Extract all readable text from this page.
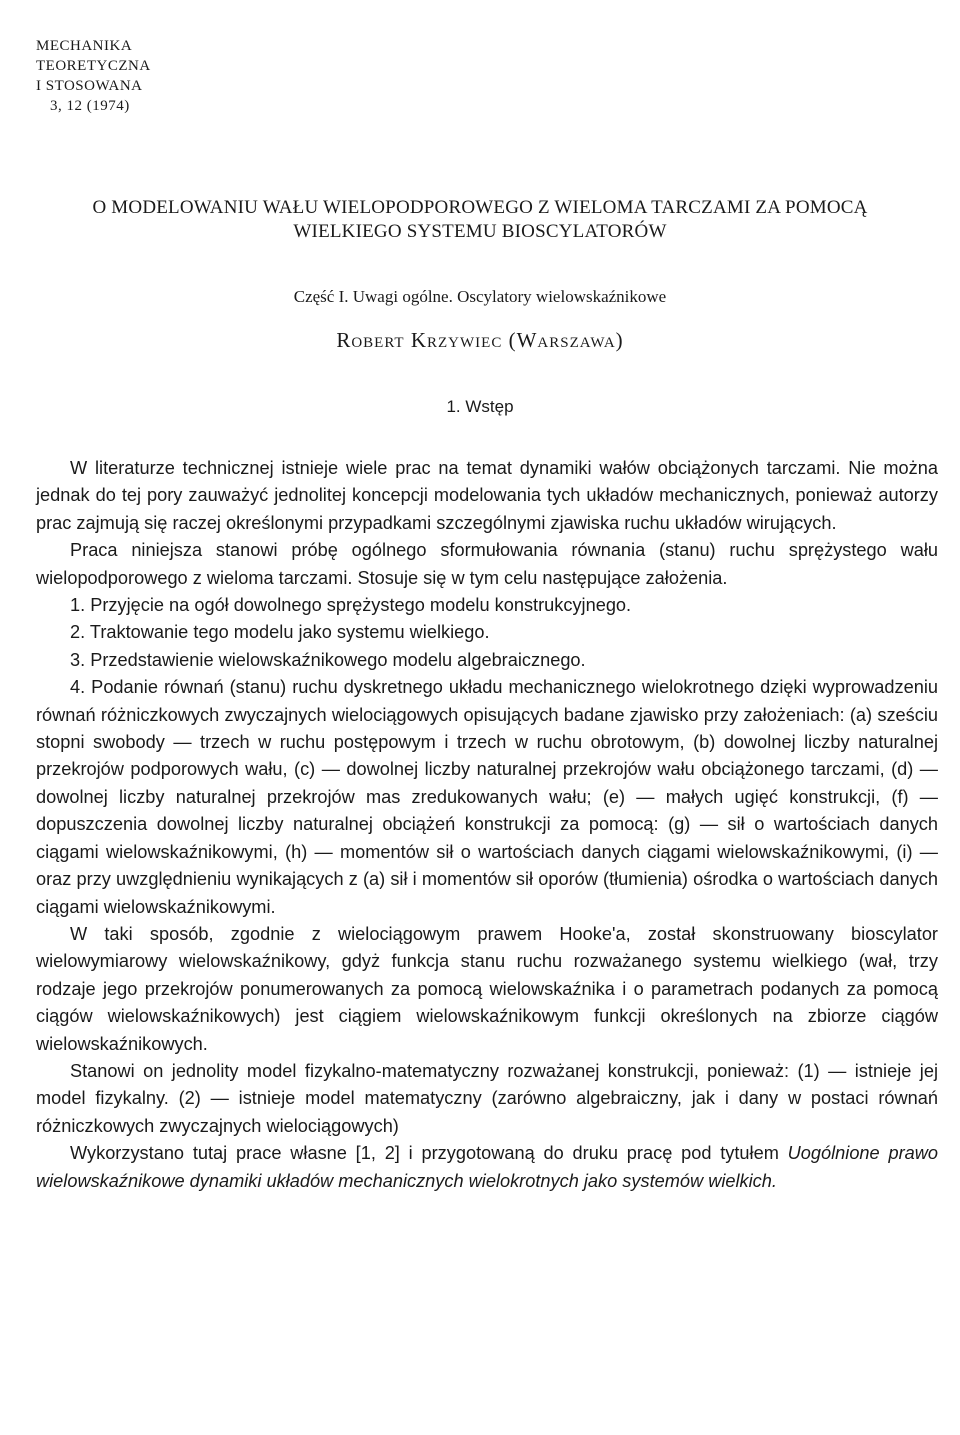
MECHANIKA
TEORETYCZNA
I STOSOWANA
3, 12 (1974)
O MODELOWANIU WAŁU WIELOPODPOROWEGO Z WIELOMA TARCZAMI ZA POMOCĄ
WIELKIEGO SYSTEMU BIOSCYLATORÓW
Część I. Uwagi ogólne. Oscylatory wielowskaźnikowe
Robert Krzywiec (Warszawa)
1. Wstęp

W literaturze technicznej istnieje wiele prac na temat dynamiki wałów obciążonych tarczami. Nie można jednak do tej pory zauważyć jednolitej koncepcji modelowania tych układów mechanicznych, ponieważ autorzy prac zajmują się raczej określonymi przypadkami szczególnymi zjawiska ruchu układów wirujących.

Praca niniejsza stanowi próbę ogólnego sformułowania równania (stanu) ruchu sprężystego wału wielopodporowego z wieloma tarczami. Stosuje się w tym celu następujące założenia.

1. Przyjęcie na ogół dowolnego sprężystego modelu konstrukcyjnego.

2. Traktowanie tego modelu jako systemu wielkiego.

3. Przedstawienie wielowskaźnikowego modelu algebraicznego.

4. Podanie równań (stanu) ruchu dyskretnego układu mechanicznego wielokrotnego dzięki wyprowadzeniu równań różniczkowych zwyczajnych wielociągowych opisujących badane zjawisko przy założeniach: (a) sześciu stopni swobody — trzech w ruchu postępowym i trzech w ruchu obrotowym, (b) dowolnej liczby naturalnej przekrojów podporowych wału, (c) — dowolnej liczby naturalnej przekrojów wału obciążonego tarczami, (d) — dowolnej liczby naturalnej przekrojów mas zredukowanych wału; (e) — małych ugięć konstrukcji, (f) — dopuszczenia dowolnej liczby naturalnej obciążeń konstrukcji za pomocą: (g) — sił o wartościach danych ciągami wielowskaźnikowymi, (h) — momentów sił o wartościach danych ciągami wielowskaźnikowymi, (i) — oraz przy uwzględnieniu wynikających z (a) sił i momentów sił oporów (tłumienia) ośrodka o wartościach danych ciągami wielowskaźnikowymi.

W taki sposób, zgodnie z wielociągowym prawem Hooke'a, został skonstruowany bioscylator wielowymiarowy wielowskaźnikowy, gdyż funkcja stanu ruchu rozważanego systemu wielkiego (wał, trzy rodzaje jego przekrojów ponumerowanych za pomocą wielowskaźnika i o parametrach podanych za pomocą ciągów wielowskaźnikowych) jest ciągiem wielowskaźnikowym funkcji określonych na zbiorze ciągów wielowskaźnikowych.

Stanowi on jednolity model fizykalno-matematyczny rozważanej konstrukcji, ponieważ: (1) — istnieje jej model fizykalny. (2) — istnieje model matematyczny (zarówno algebraiczny, jak i dany w postaci równań różniczkowych zwyczajnych wielociągowych)

Wykorzystano tutaj prace własne [1, 2] i przygotowaną do druku pracę pod tytułem Uogólnione prawo wielowskaźnikowe dynamiki układów mechanicznych wielokrotnych jako systemów wielkich.
